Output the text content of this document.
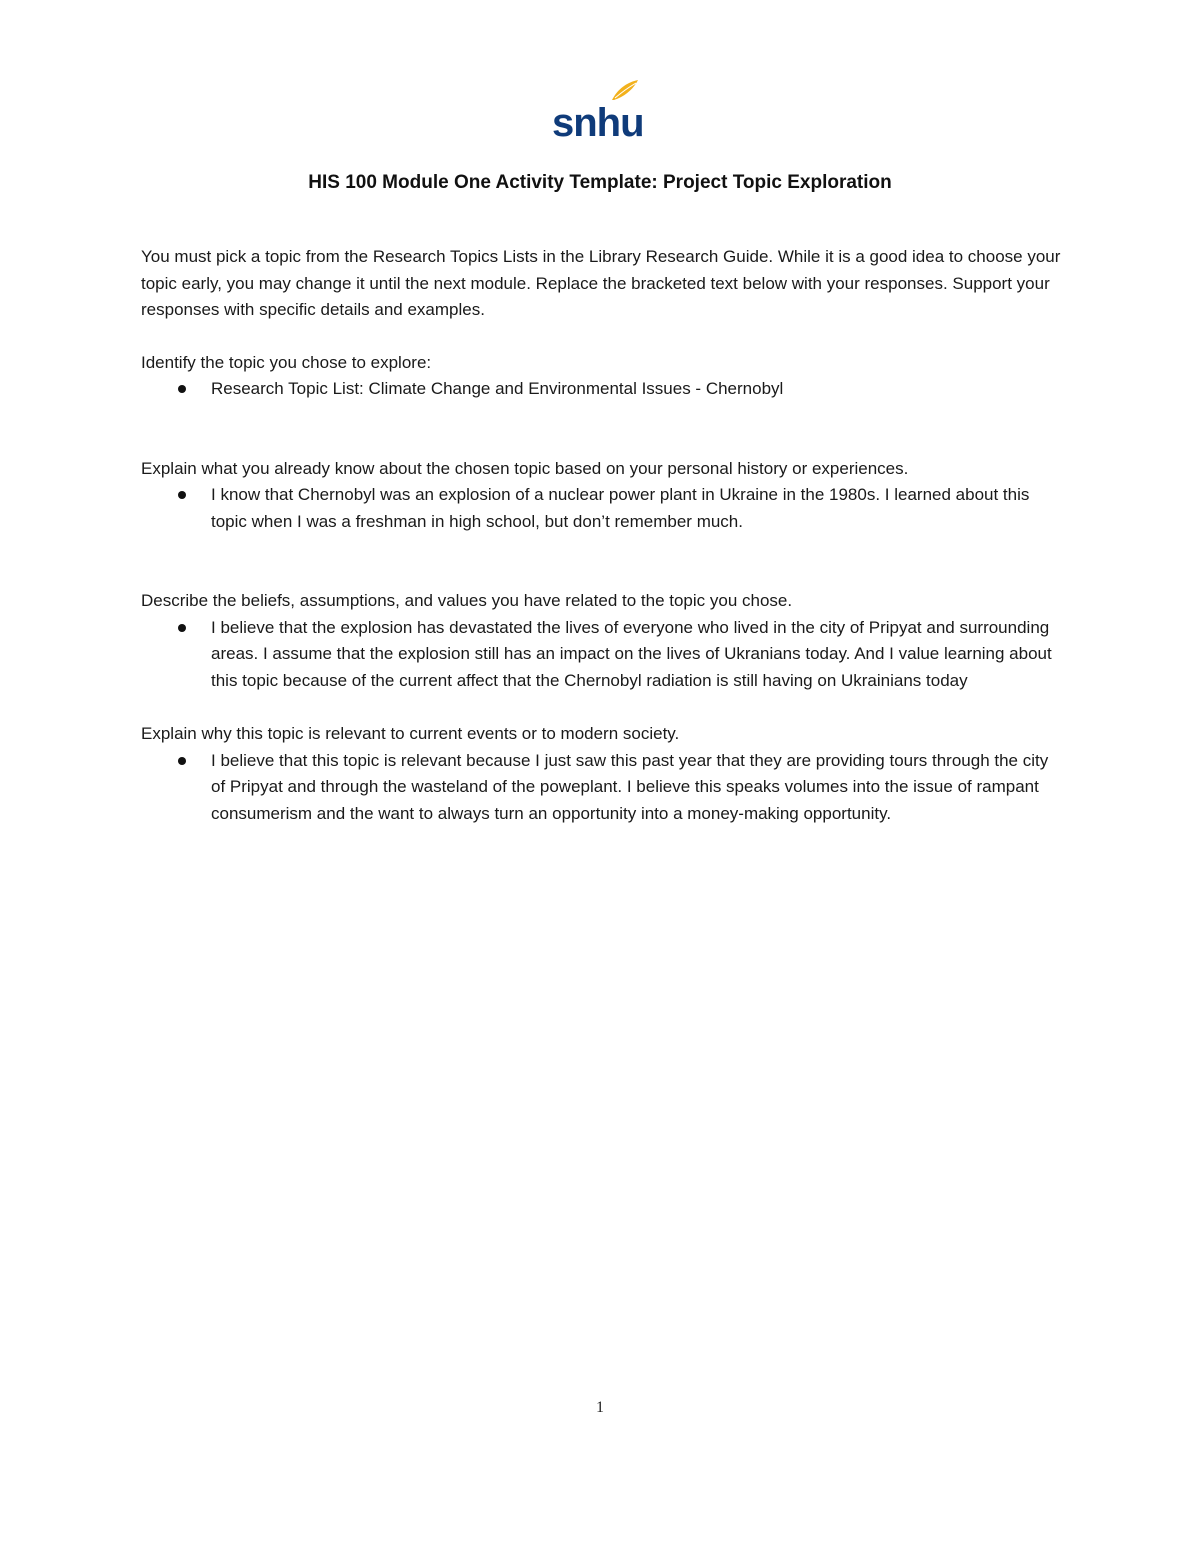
snhu
HIS 100 Module One Activity Template: Project Topic Exploration

You must pick a topic from the Research Topics Lists in the Library Research Guide. While it is a good idea to choose your topic early, you may change it until the next module. Replace the bracketed text below with your responses. Support your responses with specific details and examples.

Identify the topic you chose to explore:

Research Topic List: Climate Change and Environmental Issues - Chernobyl

Explain what you already know about the chosen topic based on your personal history or experiences.

I know that Chernobyl was an explosion of a nuclear power plant in Ukraine in the 1980s. I learned about this topic when I was a freshman in high school, but don’t remember much.

Describe the beliefs, assumptions, and values you have related to the topic you chose.

I believe that the explosion has devastated the lives of everyone who lived in the city of Pripyat and surrounding areas. I assume that the explosion still has an impact on the lives of Ukranians today. And I value learning about this topic because of the current affect that the Chernobyl radiation is still having on Ukrainians today

Explain why this topic is relevant to current events or to modern society.

I believe that this topic is relevant because I just saw this past year that they are providing tours through the city of Pripyat and through the wasteland of the poweplant. I believe this speaks volumes into the issue of rampant consumerism and the want to always turn an opportunity into a money-making opportunity.
1
